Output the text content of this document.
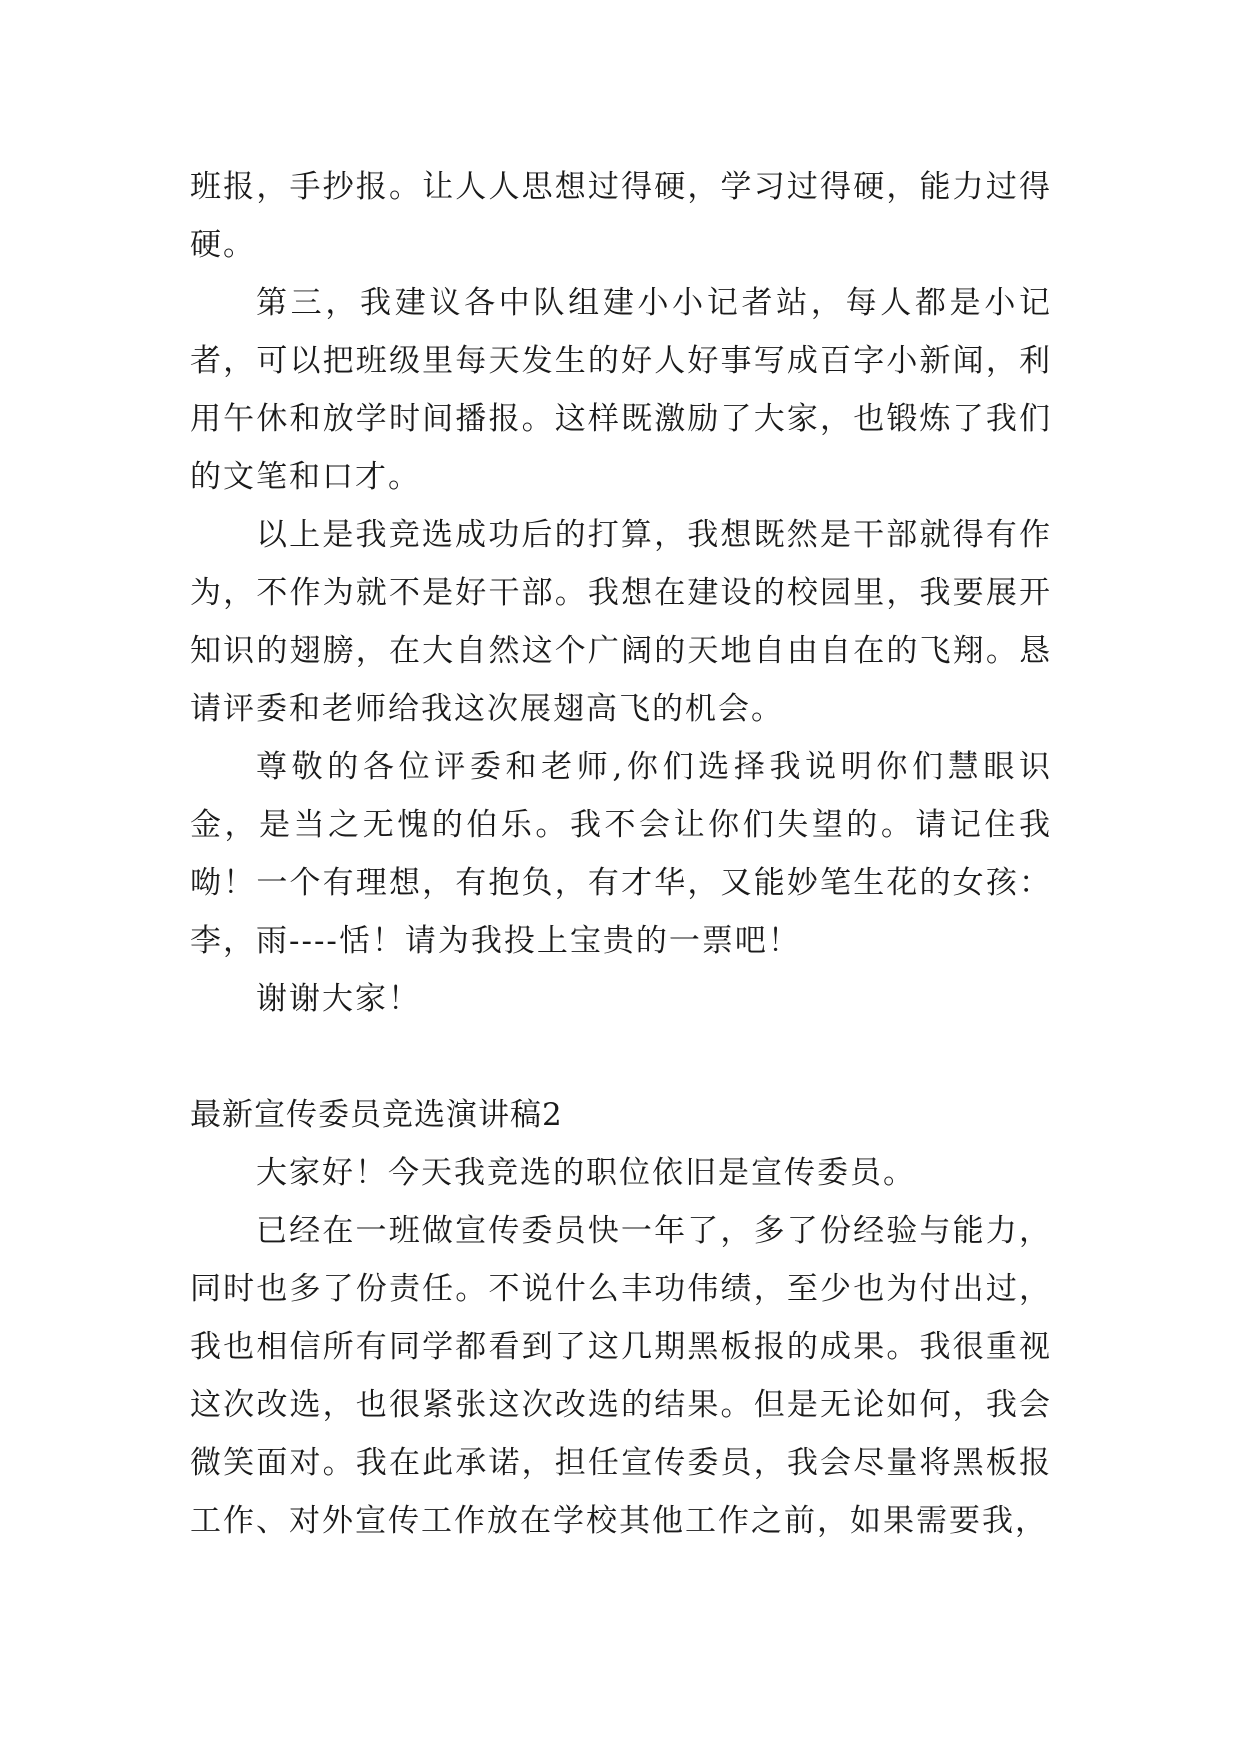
班报，手抄报。让人人思想过得硬，学习过得硬，能力过得硬。

第三，我建议各中队组建小小记者站，每人都是小记者，可以把班级里每天发生的好人好事写成百字小新闻，利用午休和放学时间播报。这样既激励了大家，也锻炼了我们的文笔和口才。

以上是我竞选成功后的打算，我想既然是干部就得有作为，不作为就不是好干部。我想在建设的校园里，我要展开知识的翅膀，在大自然这个广阔的天地自由自在的飞翔。恳请评委和老师给我这次展翅高飞的机会。

尊敬的各位评委和老师,你们选择我说明你们慧眼识金，是当之无愧的伯乐。我不会让你们失望的。请记住我呦！一个有理想，有抱负，有才华，又能妙笔生花的女孩：李，雨----恬！请为我投上宝贵的一票吧！

谢谢大家！

最新宣传委员竞选演讲稿2

大家好！今天我竞选的职位依旧是宣传委员。

已经在一班做宣传委员快一年了，多了份经验与能力，同时也多了份责任。不说什么丰功伟绩，至少也为付出过，我也相信所有同学都看到了这几期黑板报的成果。我很重视这次改选，也很紧张这次改选的结果。但是无论如何，我会微笑面对。我在此承诺，担任宣传委员，我会尽量将黑板报工作、对外宣传工作放在学校其他工作之前，如果需要我，
